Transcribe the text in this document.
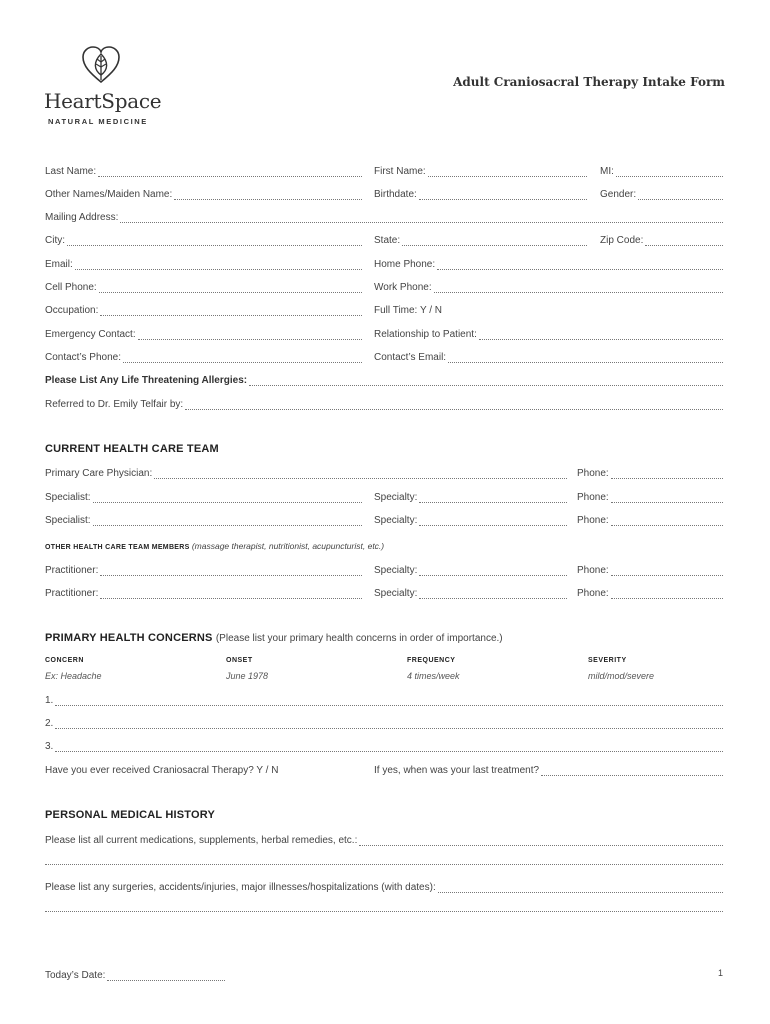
HeartSpace
NATURAL MEDICINE
Adult Craniosacral Therapy Intake Form
Last Name:	First Name:	MI:
Other Names/Maiden Name:	Birthdate:	Gender:
Mailing Address:
City:	State:	Zip Code:
Email:	Home Phone:
Cell Phone:	Work Phone:
Occupation:	Full Time: Y / N
Emergency Contact:	Relationship to Patient:
Contact’s Phone:	Contact’s Email:
Please List Any Life Threatening Allergies:
Referred to Dr. Emily Telfair by:
CURRENT HEALTH CARE TEAM
Primary Care Physician:	Phone:
Specialist:	Specialty:	Phone:
Specialist:	Specialty:	Phone:
OTHER HEALTH CARE TEAM MEMBERS (massage therapist, nutritionist, acupuncturist, etc.)
Practitioner:	Specialty:	Phone:
Practitioner:	Specialty:	Phone:
PRIMARY HEALTH CONCERNS (Please list your primary health concerns in order of importance.)
CONCERN	ONSET	FREQUENCY	SEVERITY
Ex: Headache	June 1978	4 times/week	mild/mod/severe
1.
2.
3.
Have you ever received Craniosacral Therapy? Y / N	If yes, when was your last treatment?
PERSONAL MEDICAL HISTORY
Please list all current medications, supplements, herbal remedies, etc.:
Please list any surgeries, accidents/injuries, major illnesses/hospitalizations (with dates):
Today’s Date:	1
